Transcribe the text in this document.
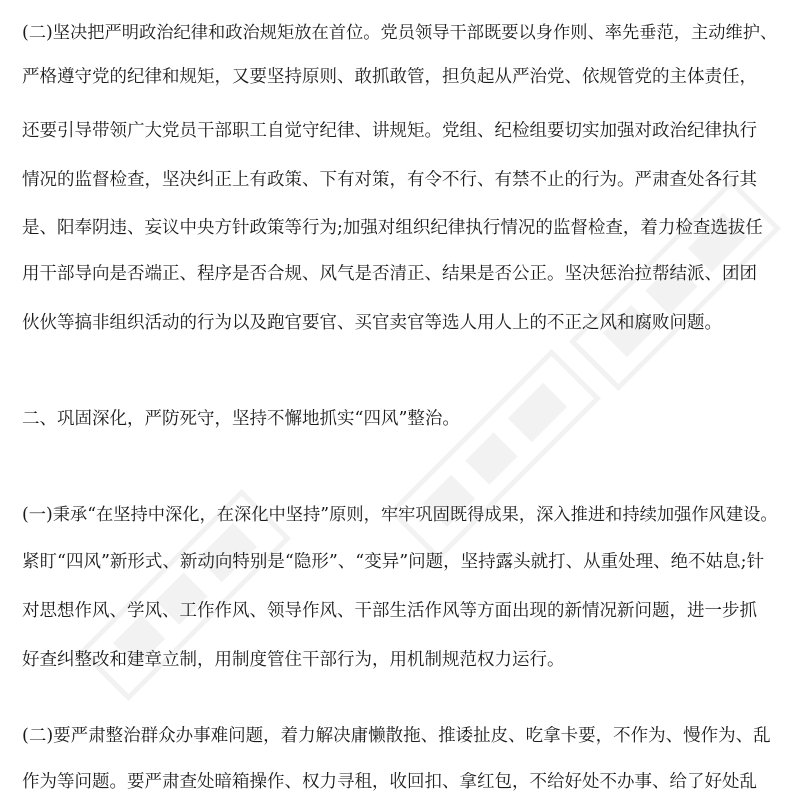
(二)坚决把严明政治纪律和政治规矩放在首位。党员领导干部既要以身作则、率先垂范，主动维护、
严格遵守党的纪律和规矩，又要坚持原则、敢抓敢管，担负起从严治党、依规管党的主体责任，
还要引导带领广大党员干部职工自觉守纪律、讲规矩。党组、纪检组要切实加强对政治纪律执行
情况的监督检查，坚决纠正上有政策、下有对策，有令不行、有禁不止的行为。严肃查处各行其
是、阳奉阴违、妄议中央方针政策等行为;加强对组织纪律执行情况的监督检查，着力检查选拔任
用干部导向是否端正、程序是否合规、风气是否清正、结果是否公正。坚决惩治拉帮结派、团团
伙伙等搞非组织活动的行为以及跑官要官、买官卖官等选人用人上的不正之风和腐败问题。
二、巩固深化，严防死守，坚持不懈地抓实“四风”整治。
(一)秉承“在坚持中深化，在深化中坚持”原则，牢牢巩固既得成果，深入推进和持续加强作风建设。
紧盯“四风”新形式、新动向特别是“隐形”、“变异”问题，坚持露头就打、从重处理、绝不姑息;针
对思想作风、学风、工作作风、领导作风、干部生活作风等方面出现的新情况新问题，进一步抓
好查纠整改和建章立制，用制度管住干部行为，用机制规范权力运行。
(二)要严肃整治群众办事难问题，着力解决庸懒散拖、推诿扯皮、吃拿卡要，不作为、慢作为、乱
作为等问题。要严肃查处暗箱操作、权力寻租，收回扣、拿红包，不给好处不办事、给了好处乱
